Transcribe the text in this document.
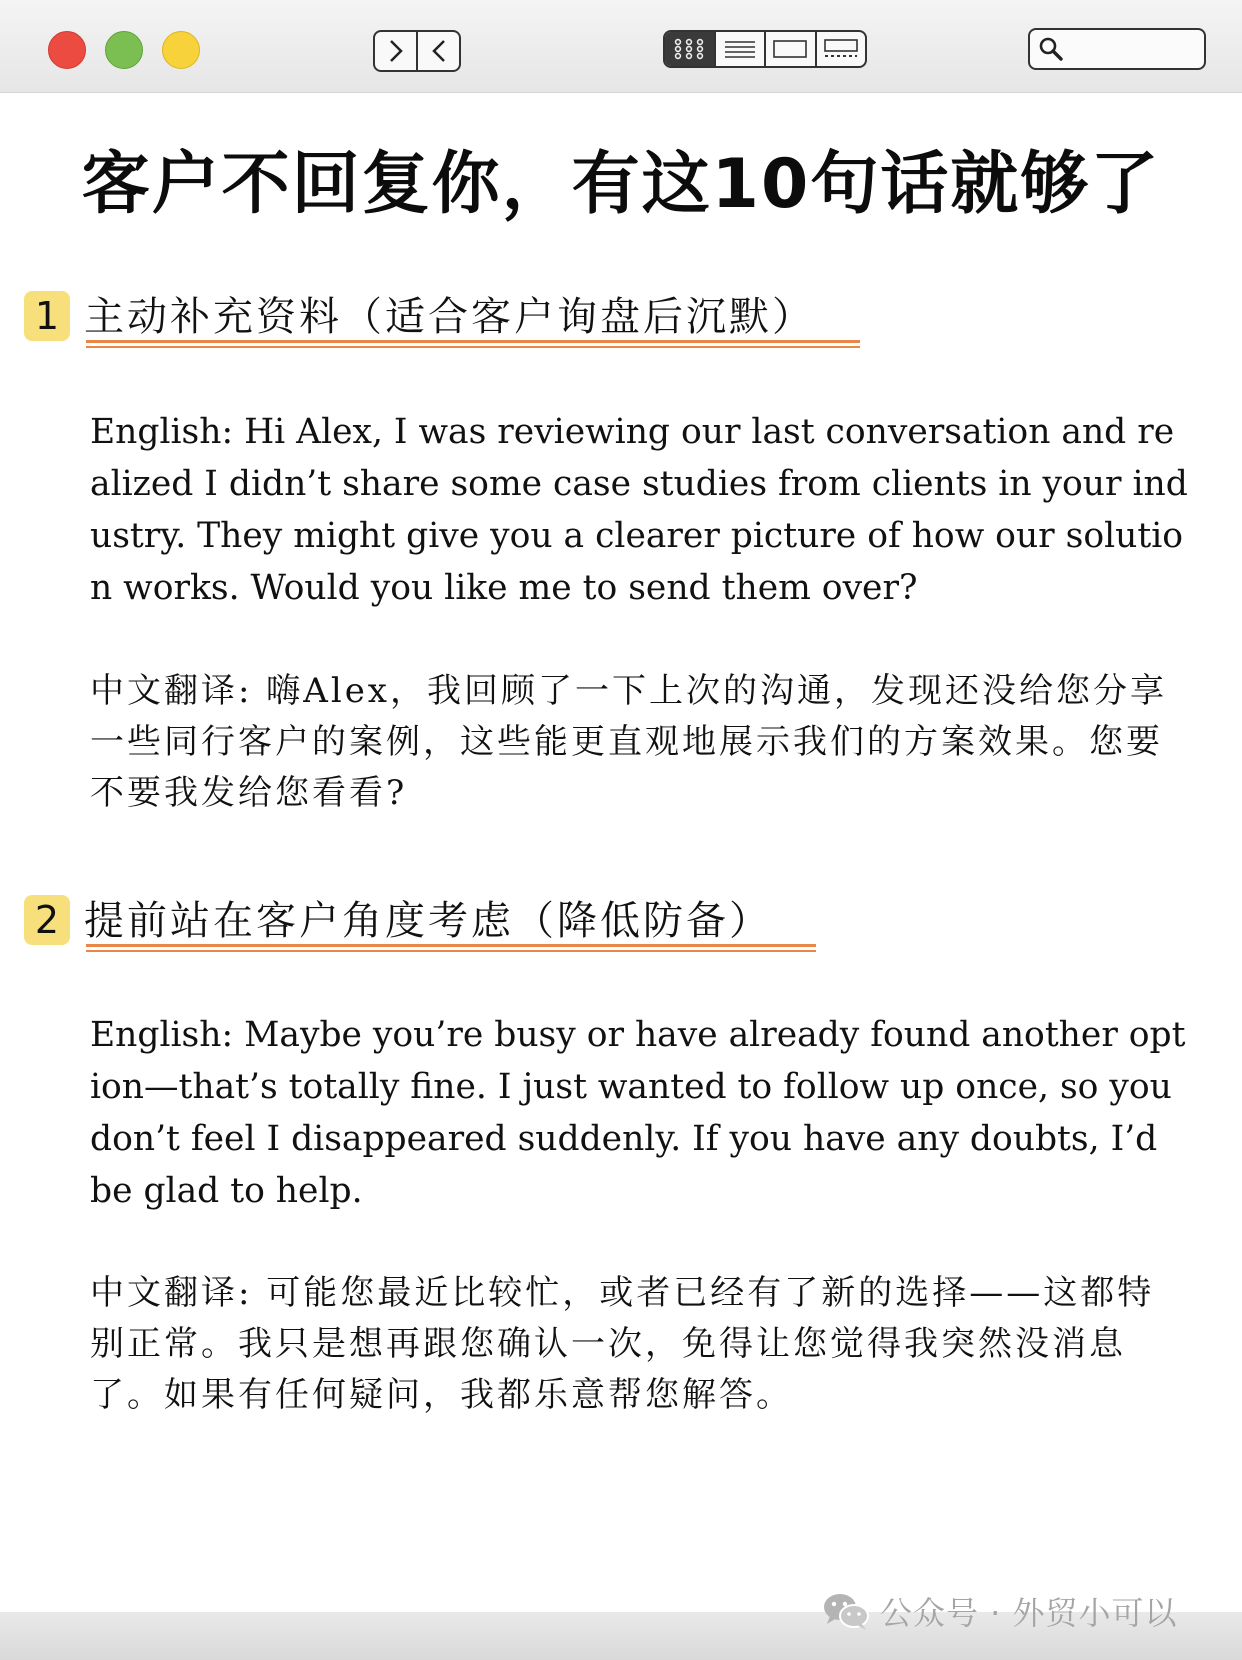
客户不回复你，有这10句话就够了
1 主动补充资料（适合客户询盘后沉默）

English: Hi Alex, I was reviewing our last conversation and realized I didn’t share some case studies from clients in your industry. They might give you a clearer picture of how our solution works. Would you like me to send them over?

中文翻译: 嗨Alex，我回顾了一下上次的沟通，发现还没给您分享一些同行客户的案例，这些能更直观地展示我们的方案效果。您要不要我发给您看看?

2 提前站在客户角度考虑（降低防备）

English: Maybe you’re busy or have already found another option—that’s totally fine. I just wanted to follow up once, so you don’t feel I disappeared suddenly. If you have any doubts, I’d be glad to help.

中文翻译: 可能您最近比较忙，或者已经有了新的选择——这都特别正常。我只是想再跟您确认一次，免得让您觉得我突然没消息了。如果有任何疑问，我都乐意帮您解答。

公众号 · 外贸小可以
